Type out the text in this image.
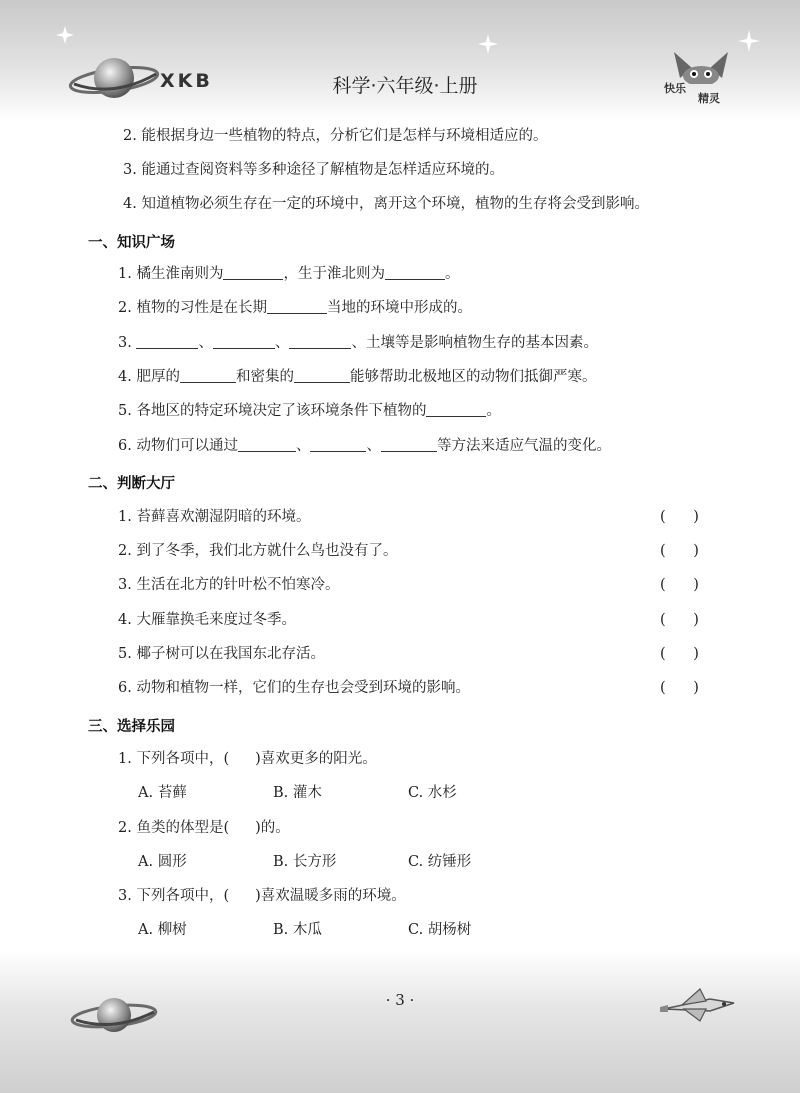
XKB	科学·六年级·上册	快乐
精灵
2. 能根据身边一些植物的特点，分析它们是怎样与环境相适应的。
3. 能通过查阅资料等多种途径了解植物是怎样适应环境的。
4. 知道植物必须生存在一定的环境中，离开这个环境，植物的生存将会受到影响。
一、知识广场
1. 橘生淮南则为	，生于淮北则为	。
2. 植物的习性是在长期	当地的环境中形成的。
3.	、	、	、土壤等是影响植物生存的基本因素。
4. 肥厚的	和密集的	能够帮助北极地区的动物们抵御严寒。
5. 各地区的特定环境决定了该环境条件下植物的	。
6. 动物们可以通过	、	、	等方法来适应气温的变化。
二、判断大厅
1. 苔藓喜欢潮湿阴暗的环境。	(      )
2. 到了冬季，我们北方就什么鸟也没有了。	(      )
3. 生活在北方的针叶松不怕寒冷。	(      )
4. 大雁靠换毛来度过冬季。	(      )
5. 椰子树可以在我国东北存活。	(      )
6. 动物和植物一样，它们的生存也会受到环境的影响。	(      )
三、选择乐园
1. 下列各项中，( )喜欢更多的阳光。
A. 苔藓	B. 灌木	C. 水杉
2. 鱼类的体型是( )的。
A. 圆形	B. 长方形	C. 纺锤形
3. 下列各项中，( )喜欢温暖多雨的环境。
A. 柳树	B. 木瓜	C. 胡杨树
· 3 ·
